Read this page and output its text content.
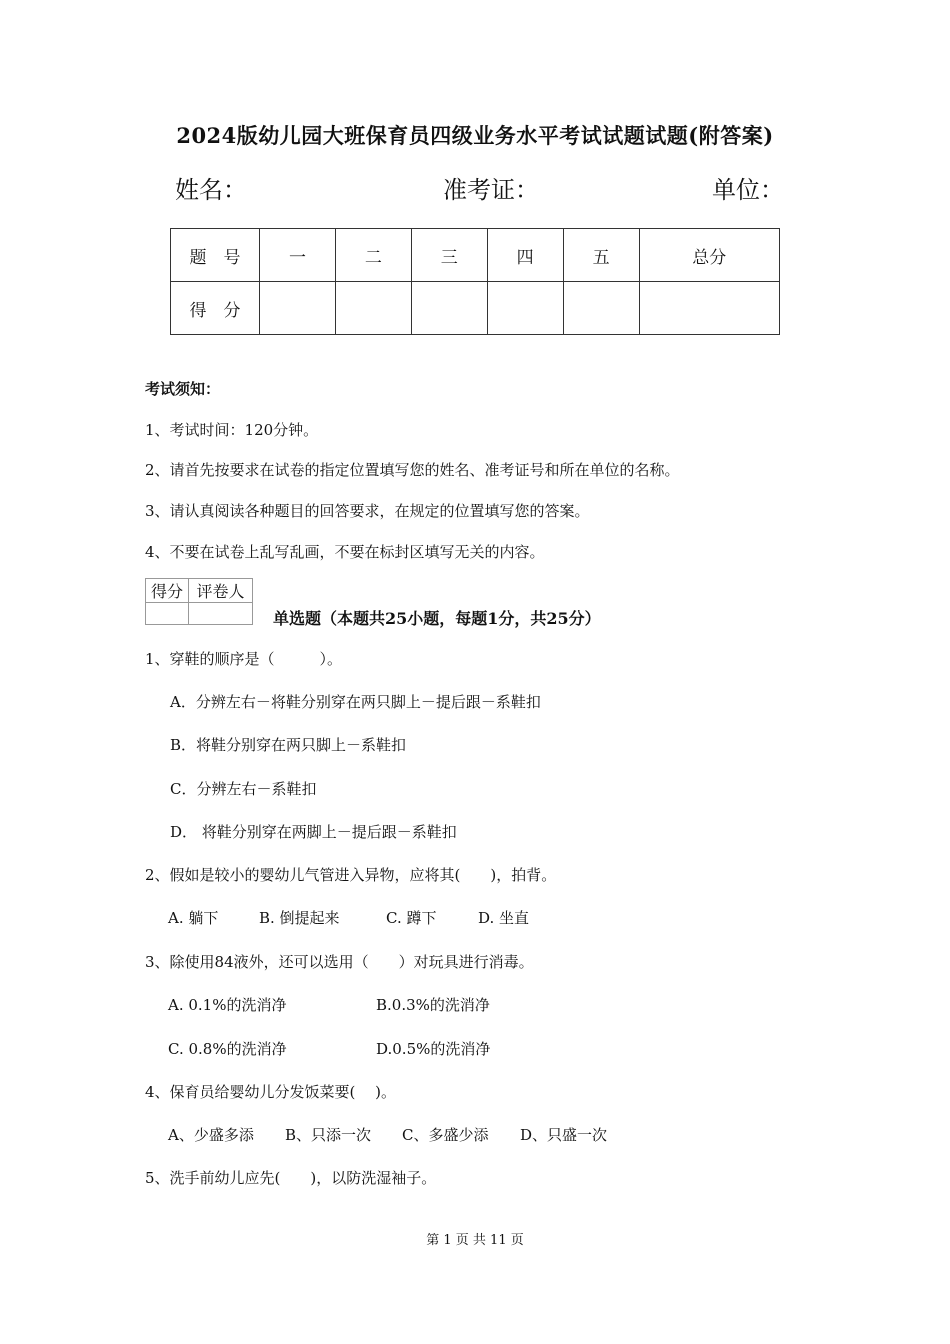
2024版幼儿园大班保育员四级业务水平考试试题试题(附答案)
姓名：	准考证：	单位：
题　号	一	二	三	四	五	总分
得　分						
考试须知：
1、考试时间：120分钟。
2、请首先按要求在试卷的指定位置填写您的姓名、准考证号和所在单位的名称。
3、请认真阅读各种题目的回答要求，在规定的位置填写您的答案。
4、不要在试卷上乱写乱画，不要在标封区填写无关的内容。
得分	评卷人

单选题（本题共25小题，每题1分，共25分）
1、穿鞋的顺序是（　　　）。
A．分辨左右－将鞋分别穿在两只脚上－提后跟－系鞋扣
B．将鞋分别穿在两只脚上－系鞋扣
C．分辨左右－系鞋扣
D． 将鞋分别穿在两脚上－提后跟－系鞋扣
2、假如是较小的婴幼儿气管进入异物，应将其(　　)，拍背。
A. 躺下	B. 倒提起来	C. 蹲下	D. 坐直
3、除使用84液外，还可以选用（　　）对玩具进行消毒。
A. 0.1%的洗消净	B.0.3%的洗消净
C. 0.8%的洗消净	D.0.5%的洗消净
4、保育员给婴幼儿分发饭菜要(　 )。
A、少盛多添 B、只添一次 C、多盛少添 D、只盛一次
5、洗手前幼儿应先(　　)，以防洗湿袖子。
第 1 页 共 11 页
